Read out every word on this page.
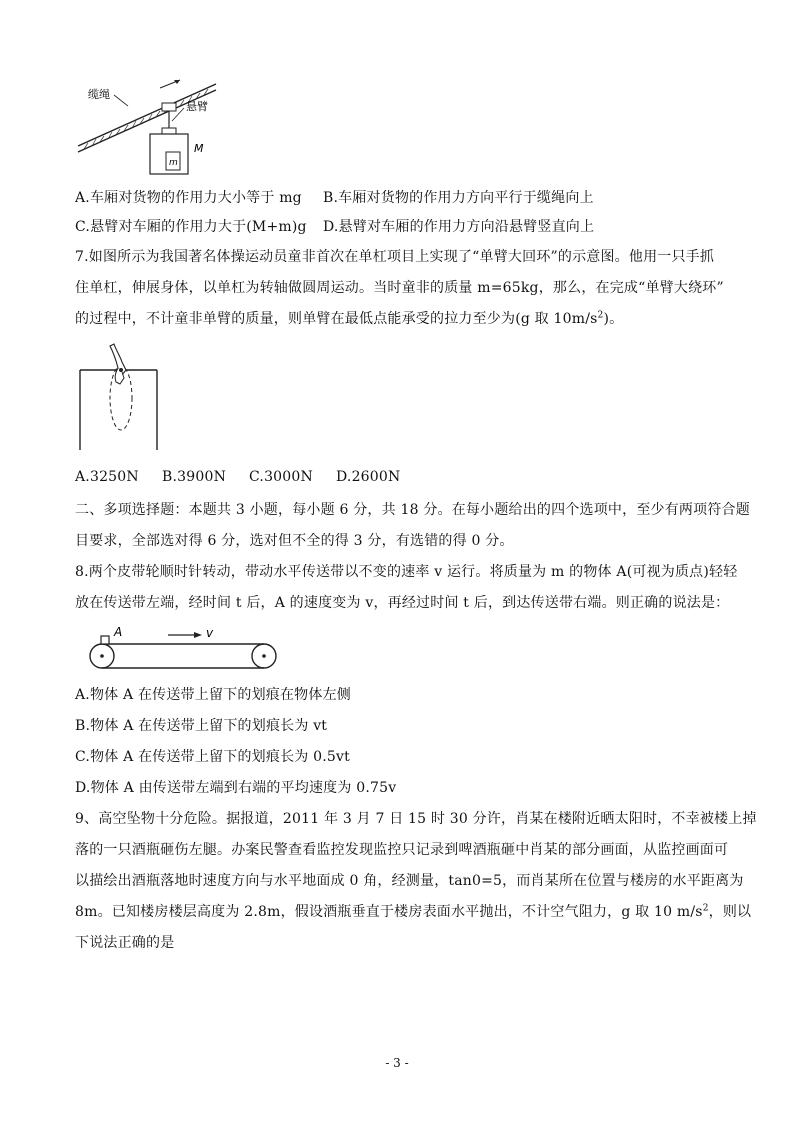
缆绳
悬臂
M
m
A.车厢对货物的作用力大小等于 mg B.车厢对货物的作用力方向平行于缆绳向上
C.悬臂对车厢的作用力大于(M+m)g D.悬臂对车厢的作用力方向沿悬臂竖直向上
7.如图所示为我国著名体操运动员童非首次在单杠项目上实现了“单臂大回环”的示意图。他用一只手抓
住单杠，伸展身体，以单杠为转轴做圆周运动。当时童非的质量 m=65kg，那么，在完成“单臂大绕环”
的过程中，不计童非单臂的质量，则单臂在最低点能承受的拉力至少为(g 取 $10m/s^2$)。
A.3250N B.3900N C.3000N D.2600N
二、多项选择题：本题共 3 小题，每小题 6 分，共 18 分。在每小题给出的四个选项中，至少有两项符合题
目要求，全部选对得 6 分，选对但不全的得 3 分，有选错的得 0 分。
8.两个皮带轮顺时针转动，带动水平传送带以不变的速率 v 运行。将质量为 m 的物体 A(可视为质点)轻轻
放在传送带左端，经时间 t 后，A 的速度变为 v，再经过时间 t 后，到达传送带右端。则正确的说法是：
A	v
A.物体 A 在传送带上留下的划痕在物体左侧
B.物体 A 在传送带上留下的划痕长为 vt
C.物体 A 在传送带上留下的划痕长为 0.5vt
D.物体 A 由传送带左端到右端的平均速度为 0.75v
9、高空坠物十分危险。据报道，2011 年 3 月 7 日 15 时 30 分许，肖某在楼附近晒太阳时，不幸被楼上掉
落的一只酒瓶砸伤左腿。办案民警查看监控发现监控只记录到啤酒瓶砸中肖某的部分画面，从监控画面可
以描绘出酒瓶落地时速度方向与水平地面成 0 角，经测量，tan0=5，而肖某所在位置与楼房的水平距离为
8m。已知楼房楼层高度为 2.8m，假设酒瓶垂直于楼房表面水平抛出，不计空气阻力，g 取 10 $m/s^2$，则以
下说法正确的是
- 3 -
